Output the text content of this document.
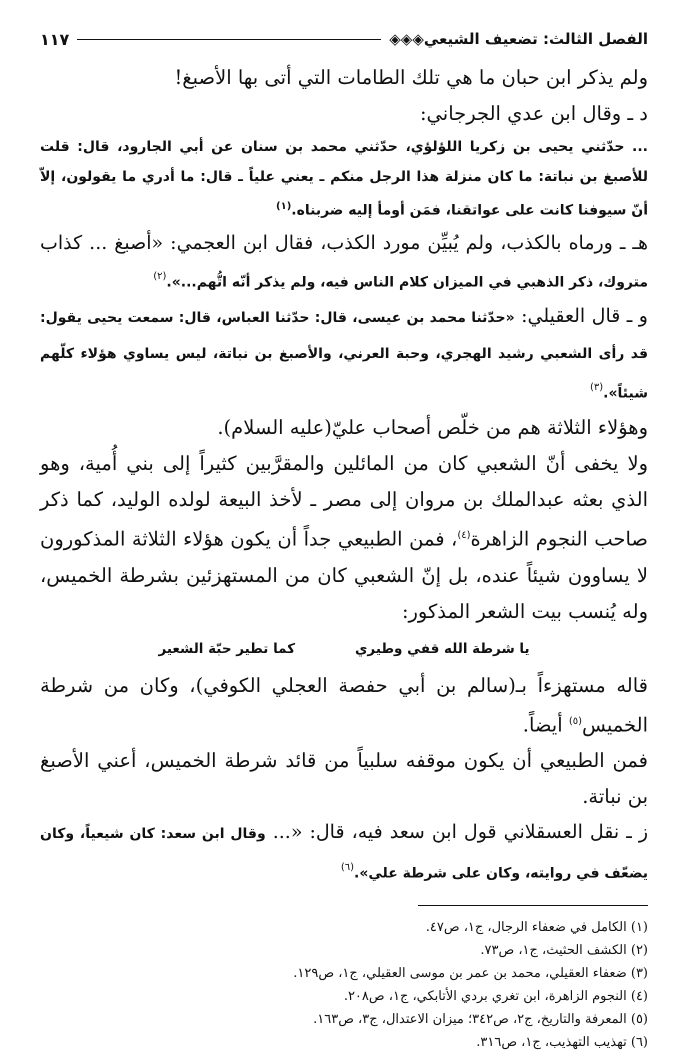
الفصل الثالث: تضعيف الشيعي◈◈◈
١١٧

ولم يذكر ابن حبان ما هي تلك الطامات التي أتى بها الأصبغ!

د ـ وقال ابن عدي الجرجاني:

... حدّثني يحيى بن زكريا اللؤلؤي، حدّثني محمد بن سنان عن أبي الجارود، قال: قلت للأصبغ بن نباتة: ما كان منزلة هذا الرجل منكم ـ يعني علياً ـ قال: ما أدري ما يقولون، إلاّ أنّ سيوفنا كانت على عواتقنا، فمَن أومأ إليه ضربناه.$^{(١)}$

هـ ـ ورماه بالكذب، ولم يُبيِّن مورد الكذب، فقال ابن العجمي: «أصبغ ... كذاب متروك، ذكر الذهبي في الميزان كلام الناس فيه، ولم يذكر أنّه اتُّهم...».$^{(٢)}$

و ـ قال العقيلي: «حدّثنا محمد بن عيسى، قال: حدّثنا العباس، قال: سمعت يحيى يقول: قد رأى الشعبي رشيد الهجري، وحبة العرني، والأصبغ بن نباتة، ليس يساوي هؤلاء كلّهم شيئاً».$^{(٣)}$

وهؤلاء الثلاثة هم من خلّص أصحاب عليّ(عليه السلام).

ولا يخفى أنّ الشعبي كان من المائلين والمقرَّبين كثيراً إلى بني أُمية، وهو الذي بعثه عبدالملك بن مروان إلى مصر ـ لأخذ البيعة لولده الوليد، كما ذكر صاحب النجوم الزاهرة$^{(٤)}$، فمن الطبيعي جداً أن يكون هؤلاء الثلاثة المذكورون لا يساوون شيئاً عنده، بل إنّ الشعبي كان من المستهزئين بشرطة الخميس، وله يُنسب بيت الشعر المذكور:

يا شرطة الله قفي وطيري
كما تطير حبّة الشعير

قاله مستهزءاً بـ(سالم بن أبي حفصة العجلي الكوفي)، وكان من شرطة الخميس$^{(٥)}$ أيضاً.

فمن الطبيعي أن يكون موقفه سلبياً من قائد شرطة الخميس، أعني الأصبغ بن نباتة.

ز ـ نقل العسقلاني قول ابن سعد فيه، قال: «... وقال ابن سعد: كان شيعياً، وكان يضعّف في روايته، وكان على شرطة علي».$^{(٦)}$

(١) الكامل في ضعفاء الرجال، ج١، ص٤٧.
(٢) الكشف الحثيث، ج١، ص٧٣.
(٣) ضعفاء العقيلي، محمد بن عمر بن موسى العقيلي، ج١، ص١٢٩.
(٤) النجوم الزاهرة، ابن تغري بردي الأتابكي، ج١، ص٢٠٨.
(٥) المعرفة والتاريخ، ج٢، ص٣٤٢؛ ميزان الاعتدال، ج٣، ص١٦٣.
(٦) تهذيب التهذيب، ج١، ص٣١٦.
